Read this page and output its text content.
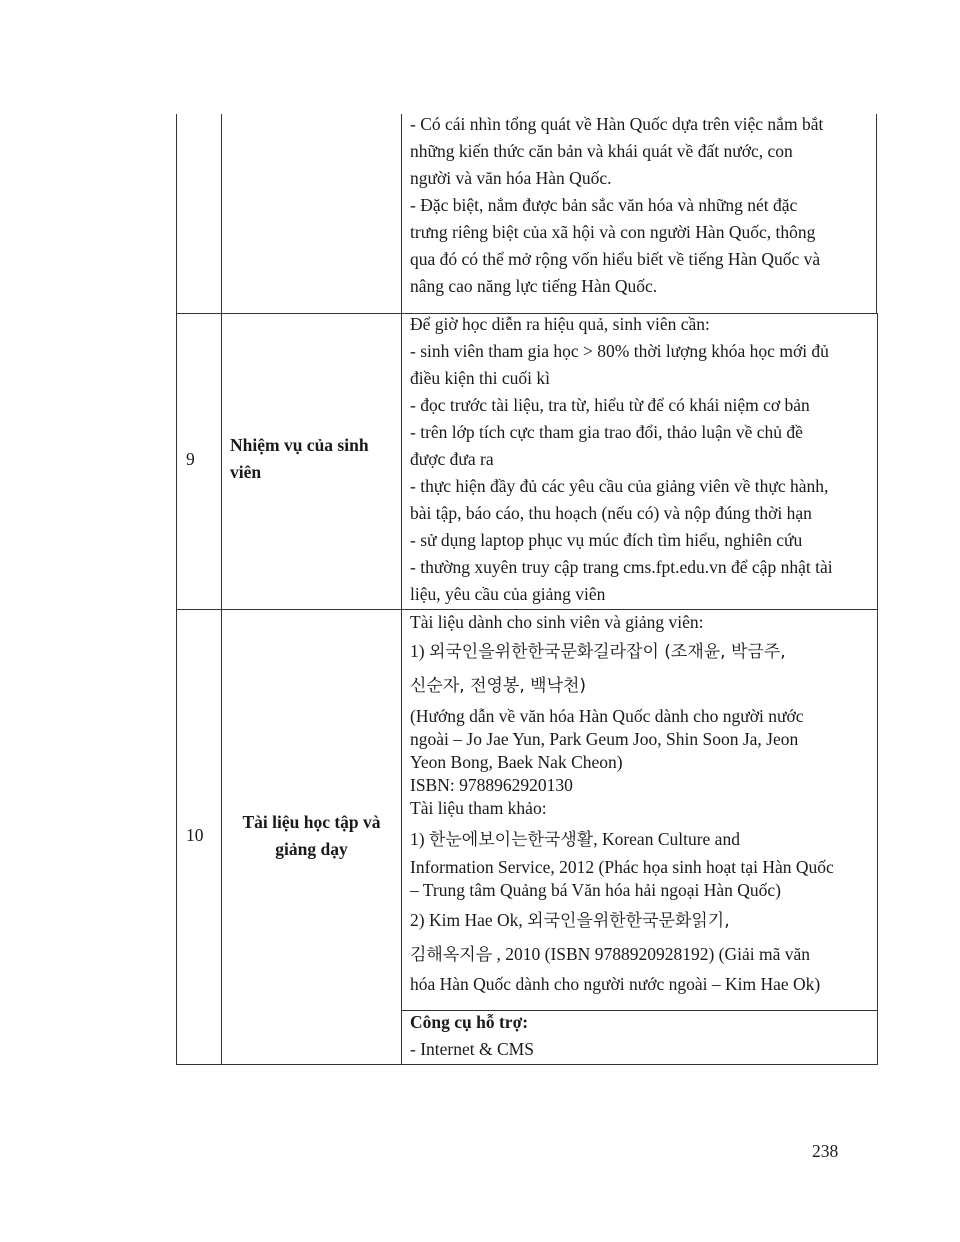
- Có cái nhìn tổng quát về Hàn Quốc dựa trên việc nắm bắt
những kiến thức căn bản và khái quát về đất nước, con
người và văn hóa Hàn Quốc.
- Đặc biệt, nắm được bản sắc văn hóa và những nét đặc
trưng riêng biệt của xã hội và con người Hàn Quốc, thông
qua đó có thể mở rộng vốn hiểu biết về tiếng Hàn Quốc và
nâng cao năng lực tiếng Hàn Quốc.
9
Nhiệm vụ của sinh
viên
Để giờ học diễn ra hiệu quả, sinh viên cần:
- sinh viên tham gia học > 80% thời lượng khóa học mới đủ
điều kiện thi cuối kì
- đọc trước tài liệu, tra từ, hiểu từ để có khái niệm cơ bản
- trên lớp tích cực tham gia trao đổi, thảo luận về chủ đề
được đưa ra
- thực hiện đầy đủ các yêu cầu của giảng viên về thực hành,
bài tập, báo cáo, thu hoạch (nếu có) và nộp đúng thời hạn
- sử dụng laptop phục vụ múc đích tìm hiểu, nghiên cứu
- thường xuyên truy cập trang cms.fpt.edu.vn để cập nhật tài
liệu, yêu cầu của giảng viên
10
Tài liệu học tập và
giảng dạy
Tài liệu dành cho sinh viên và giảng viên:
1) 외국인을위한한국문화길라잡이 (조재윤, 박금주,
신순자, 전영봉, 백낙천)
(Hướng dẫn về văn hóa Hàn Quốc dành cho người nước
ngoài – Jo Jae Yun, Park Geum Joo, Shin Soon Ja, Jeon
Yeon Bong, Baek Nak Cheon)
ISBN: 9788962920130
Tài liệu tham khảo:
1) 한눈에보이는한국생활, Korean Culture and
Information Service, 2012 (Phác họa sinh hoạt tại Hàn Quốc
– Trung tâm Quảng bá Văn hóa hải ngoại Hàn Quốc)
2) Kim Hae Ok, 외국인을위한한국문화읽기,
김해옥지음 , 2010 (ISBN 9788920928192) (Giải mã văn
hóa Hàn Quốc dành cho người nước ngoài – Kim Hae Ok)
Công cụ hỗ trợ:
- Internet & CMS
238
